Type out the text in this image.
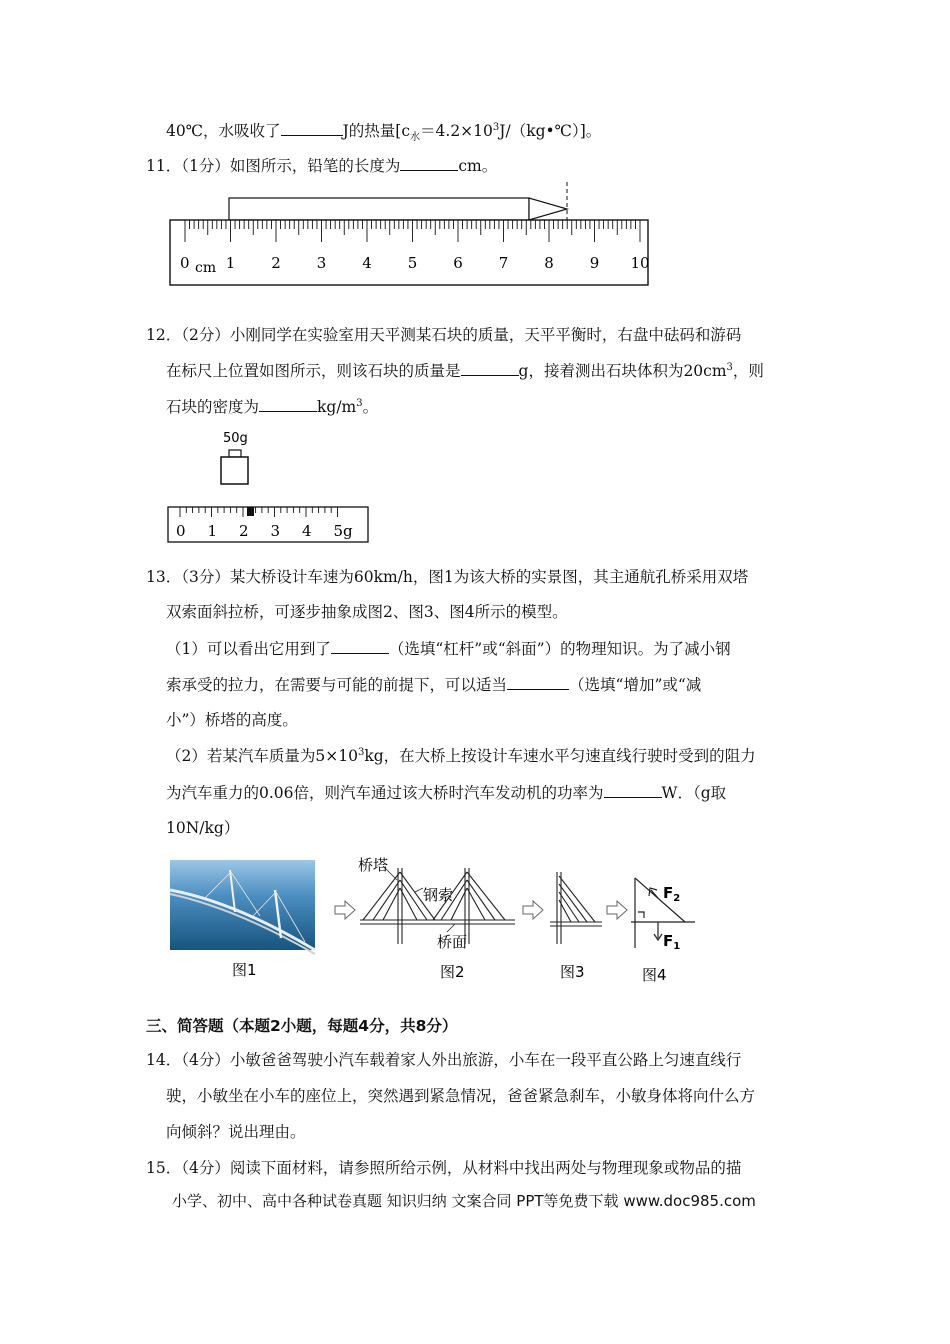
40℃，水吸收了	J的热量$[c_水=4.2\times 10^3J/(kg•℃)]$。
11．（1分）如图所示，铅笔的长度为	cm。
0 1 2 3 4 5 6 7 8 9 10
cm
12．（2分）小刚同学在实验室用天平测某石块的质量，天平平衡时，右盘中砝码和游码
在标尺上位置如图所示，则该石块的质量是	g，接着测出石块体积为$20cm^3$，则
石块的密度为	$kg/m^3$。
50g
0 1 2 3 4 5g
13．（3分）某大桥设计车速为60km/h，图1为该大桥的实景图，其主通航孔桥采用双塔
双索面斜拉桥，可逐步抽象成图2、图3、图4所示的模型。
（1）可以看出它用到了	（选填“杠杆”或“斜面”）的物理知识。为了减小钢
索承受的拉力，在需要与可能的前提下，可以适当	（选填“增加”或“减
小”）桥塔的高度。
（2）若某汽车质量为$5\times 10^3kg$，在大桥上按设计车速水平匀速直线行驶时受到的阻力
为汽车重力的0.06倍，则汽车通过该大桥时汽车发动机的功率为	W．（g取
10N/kg）
图1
桥塔
钢索
桥面
图2	图3
$F_2$
$F_1$
图4
三、简答题（本题2小题，每题4分，共8分）
14．（4分）小敏爸爸驾驶小汽车载着家人外出旅游，小车在一段平直公路上匀速直线行
驶，小敏坐在小车的座位上，突然遇到紧急情况，爸爸紧急刹车，小敏身体将向什么方
向倾斜？说出理由。
15．（4分）阅读下面材料，请参照所给示例，从材料中找出两处与物理现象或物品的描
小学、初中、高中各种试卷真题 知识归纳 文案合同 PPT等免费下载 www.doc985.com
